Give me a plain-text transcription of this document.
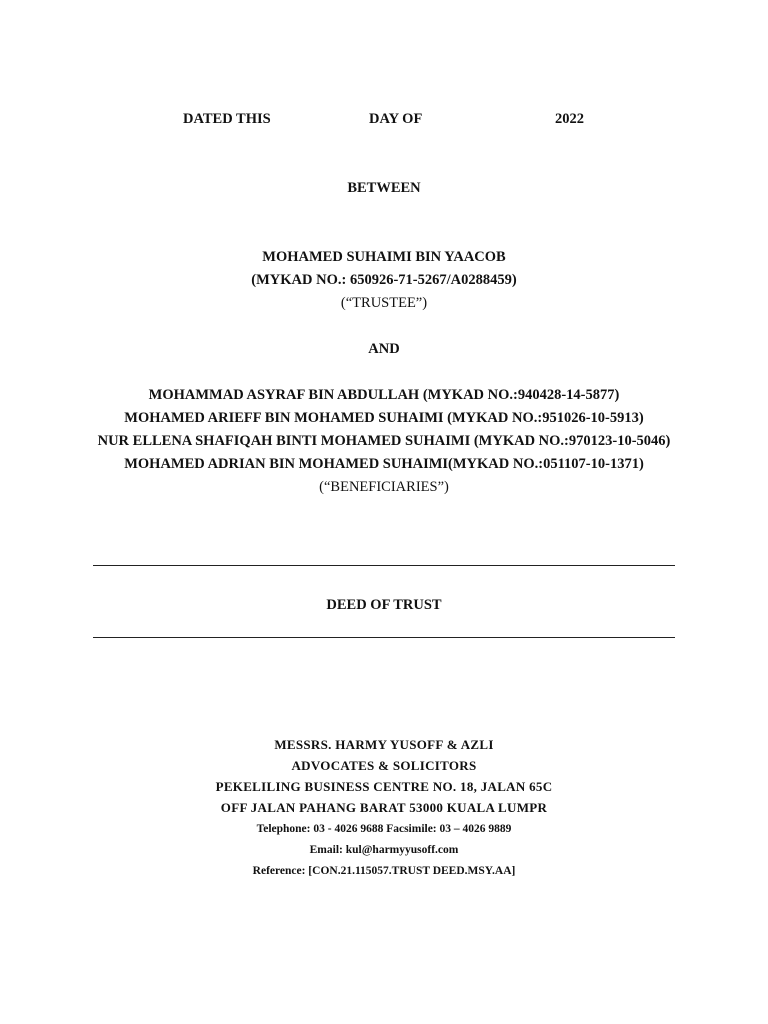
DATED THIS	DAY OF	2022
BETWEEN
MOHAMED SUHAIMI BIN YAACOB
(MYKAD NO.: 650926-71-5267/A0288459)
(“TRUSTEE”)
AND
MOHAMMAD ASYRAF BIN ABDULLAH (MYKAD NO.:940428-14-5877)
MOHAMED ARIEFF BIN MOHAMED SUHAIMI (MYKAD NO.:951026-10-5913)
NUR ELLENA SHAFIQAH BINTI MOHAMED SUHAIMI (MYKAD NO.:970123-10-5046)
MOHAMED ADRIAN BIN MOHAMED SUHAIMI(MYKAD NO.:051107-10-1371)
(“BENEFICIARIES”)
DEED OF TRUST
MESSRS. HARMY YUSOFF & AZLI
ADVOCATES & SOLICITORS
PEKELILING BUSINESS CENTRE NO. 18, JALAN 65C
OFF JALAN PAHANG BARAT 53000 KUALA LUMPR
Telephone: 03 - 4026 9688 Facsimile: 03 – 4026 9889
Email: kul@harmyyusoff.com
Reference: [CON.21.115057.TRUST DEED.MSY.AA]
